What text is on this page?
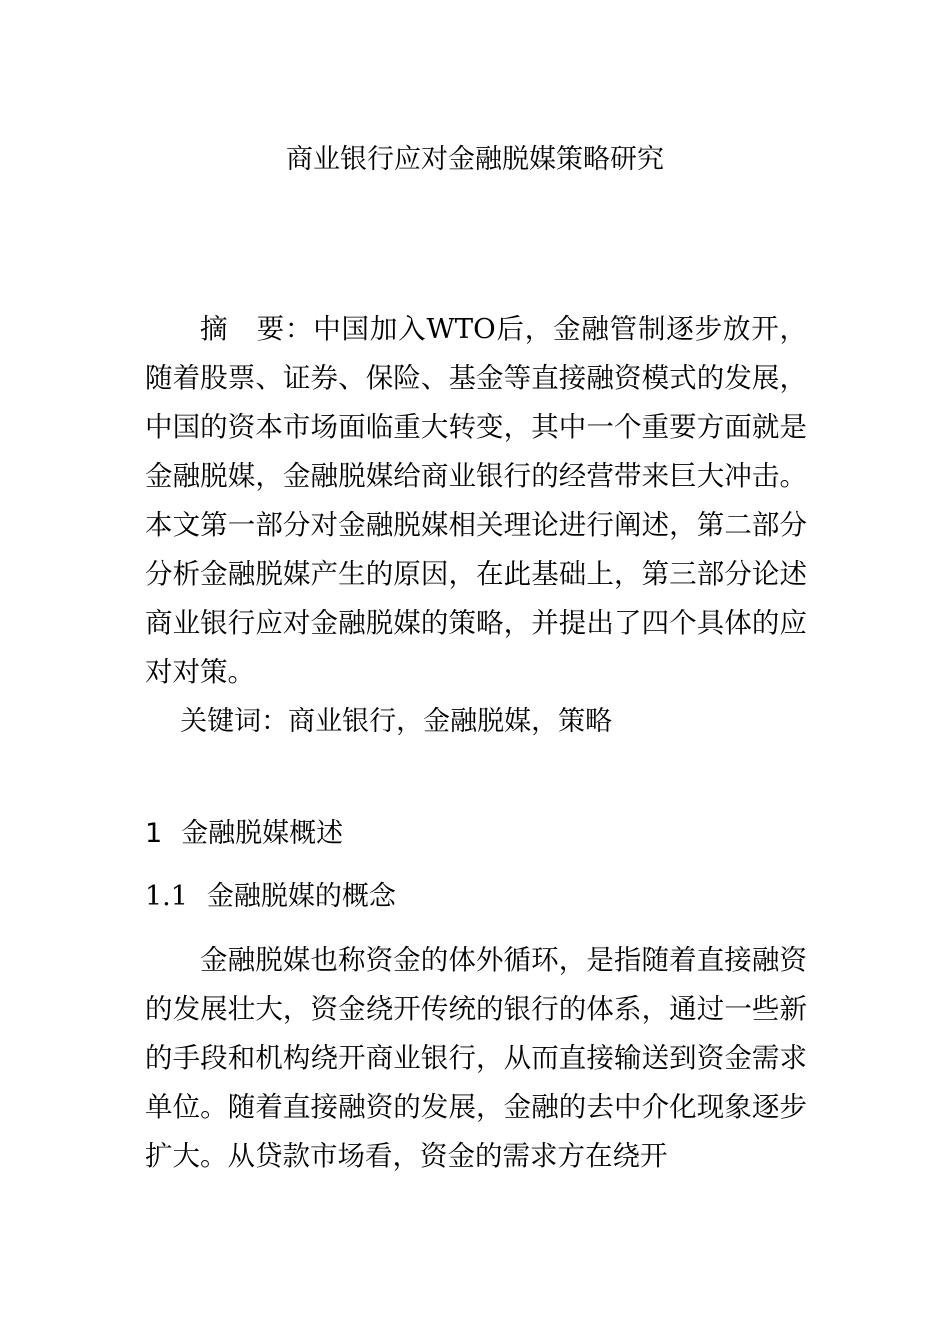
商业银行应对金融脱媒策略研究

摘　要：中国加入WTO后，金融管制逐步放开，随着股票、证券、保险、基金等直接融资模式的发展，中国的资本市场面临重大转变，其中一个重要方面就是金融脱媒，金融脱媒给商业银行的经营带来巨大冲击。本文第一部分对金融脱媒相关理论进行阐述，第二部分分析金融脱媒产生的原因，在此基础上，第三部分论述商业银行应对金融脱媒的策略，并提出了四个具体的应对对策。

关键词：商业银行，金融脱媒，策略

1 金融脱媒概述
1.1 金融脱媒的概念

金融脱媒也称资金的体外循环，是指随着直接融资的发展壮大，资金绕开传统的银行的体系，通过一些新的手段和机构绕开商业银行，从而直接输送到资金需求单位。随着直接融资的发展，金融的去中介化现象逐步扩大。从贷款市场看，资金的需求方在绕开
